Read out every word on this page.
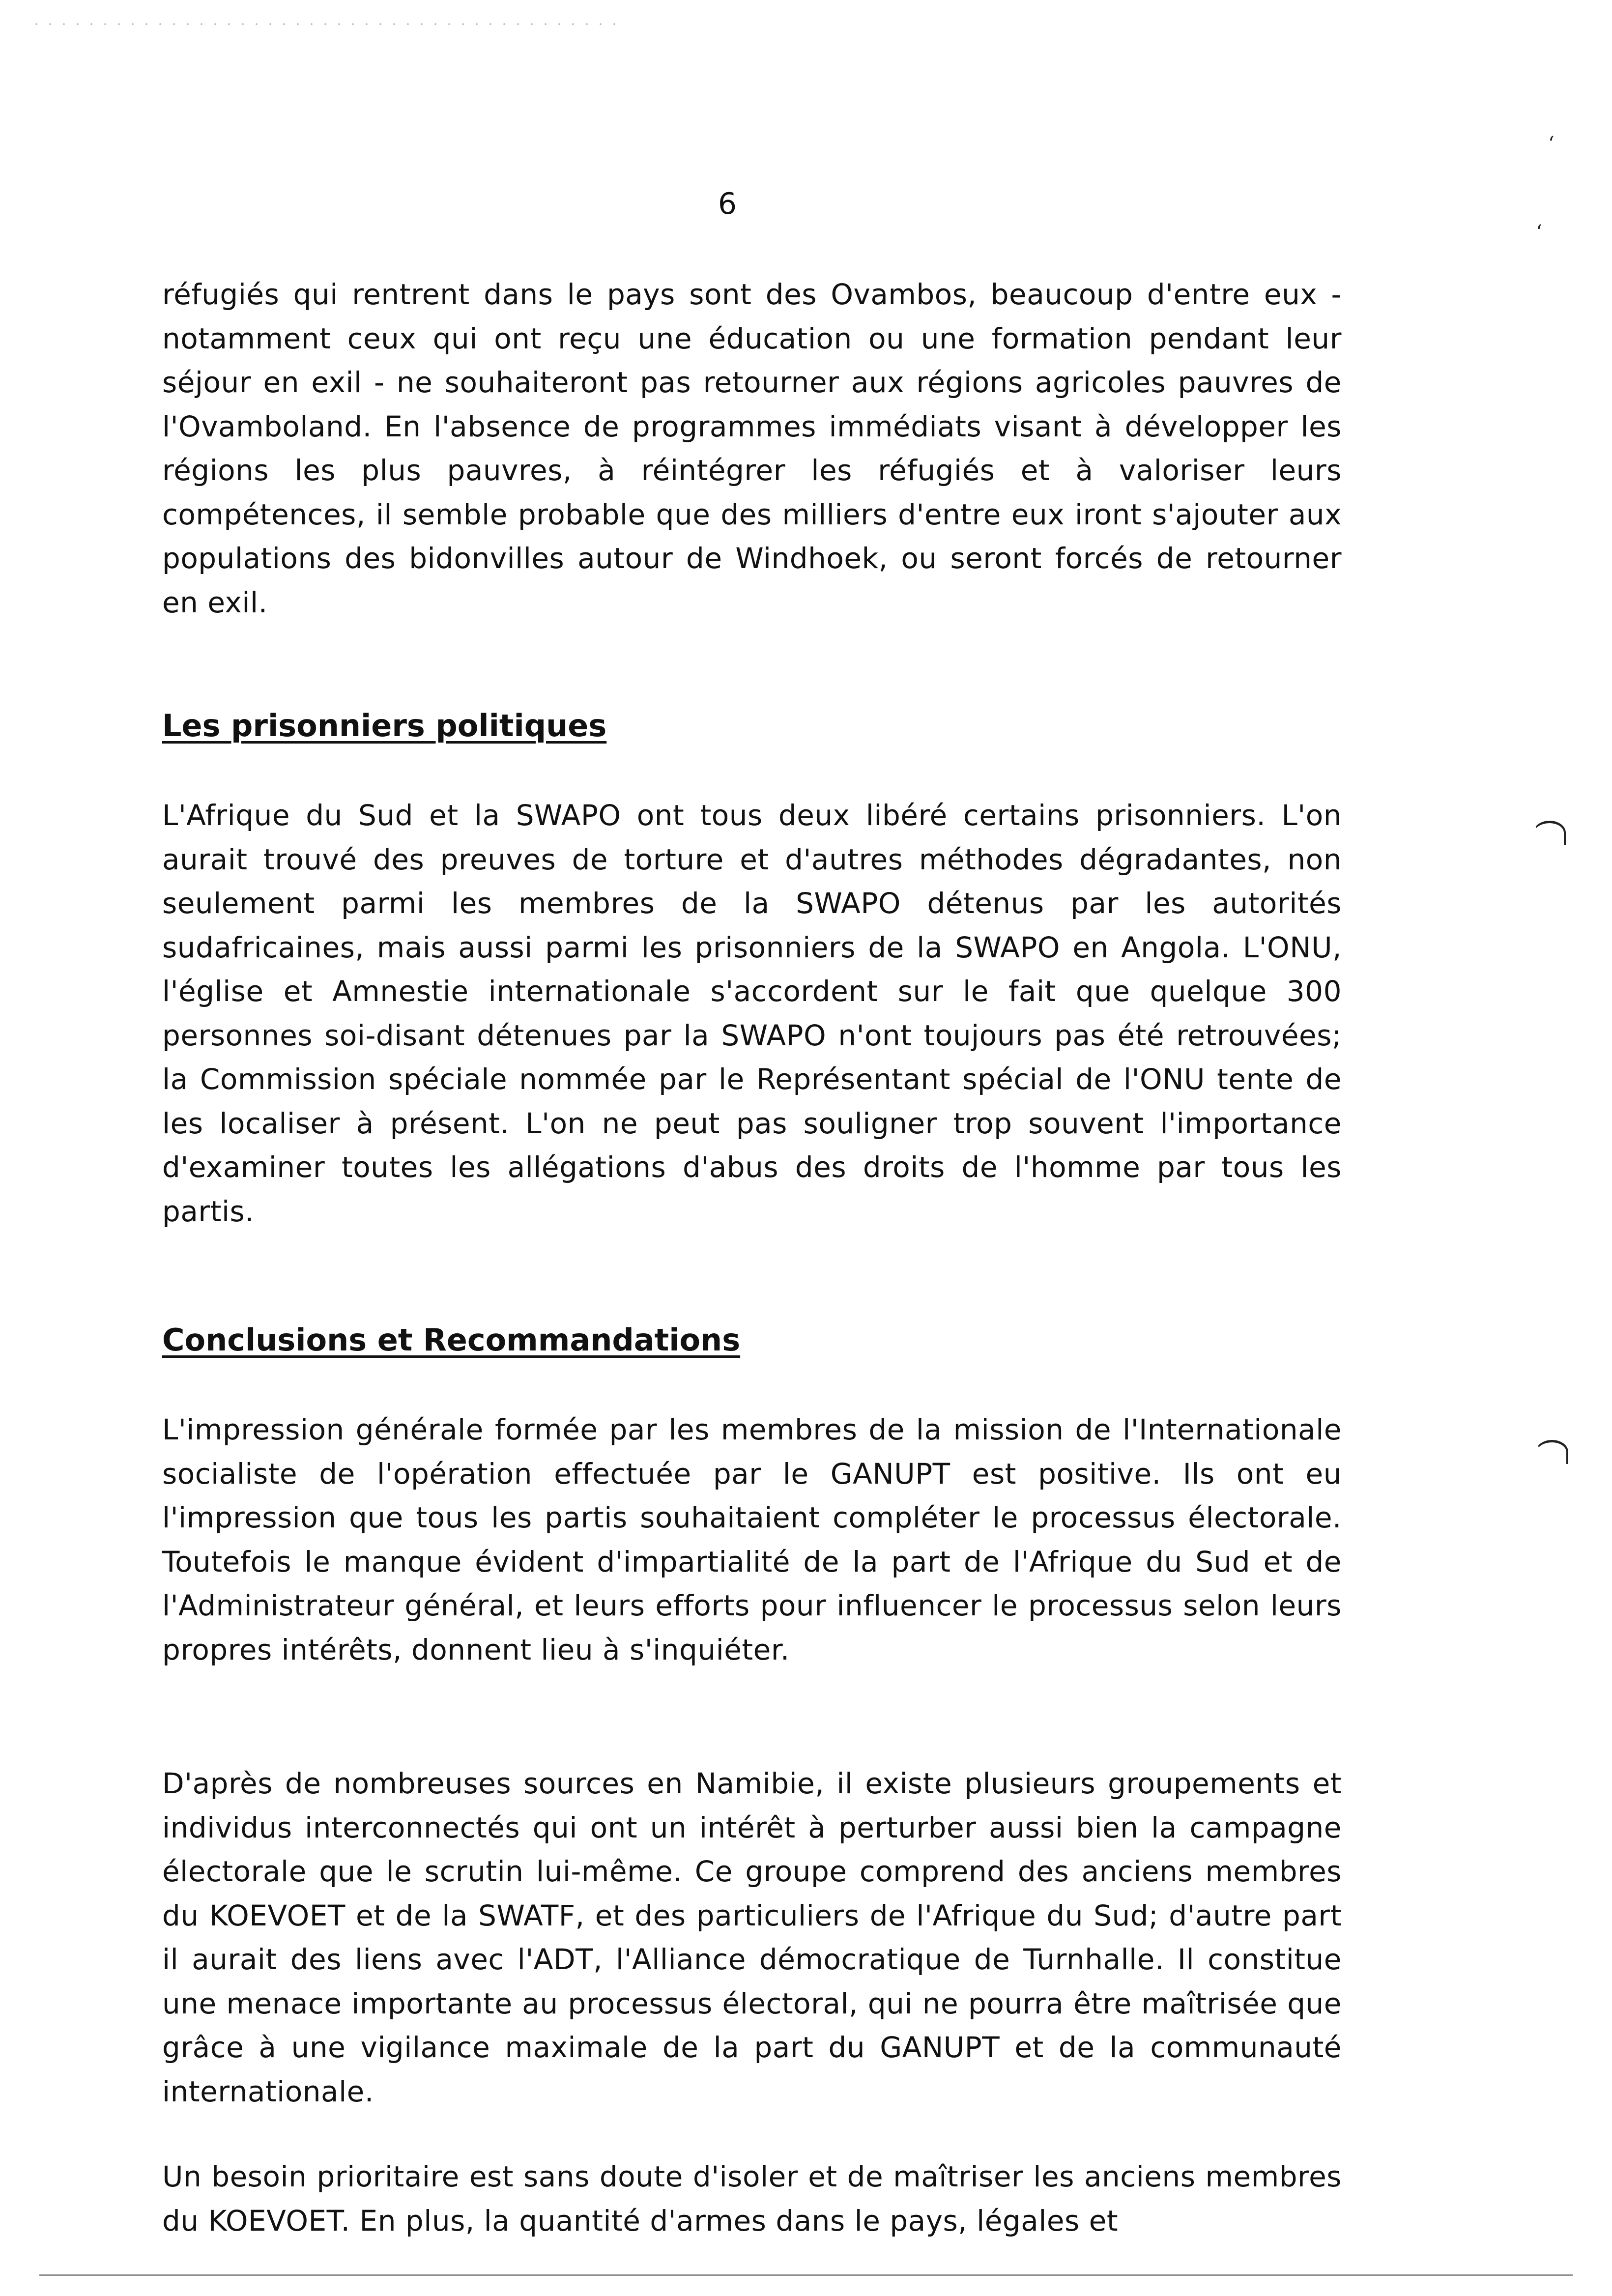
‘
‘
6

réfugiés qui rentrent dans le pays sont des Ovambos, beaucoup d'entre eux - notamment ceux qui ont reçu une éducation ou une formation pendant leur séjour en exil - ne souhaiteront pas retourner aux régions agricoles pauvres de l'Ovamboland. En l'absence de programmes immédiats visant à développer les régions les plus pauvres, à réintégrer les réfugiés et à valoriser leurs compétences, il semble probable que des milliers d'entre eux iront s'ajouter aux populations des bidonvilles autour de Windhoek, ou seront forcés de retourner en exil.

Les prisonniers politiques

L'Afrique du Sud et la SWAPO ont tous deux libéré certains prisonniers. L'on aurait trouvé des preuves de torture et d'autres méthodes dégradantes, non seulement parmi les membres de la SWAPO détenus par les autorités sudafricaines, mais aussi parmi les prisonniers de la SWAPO en Angola. L'ONU, l'église et Amnestie internationale s'accordent sur le fait que quelque 300 personnes soi-disant détenues par la SWAPO n'ont toujours pas été retrouvées; la Commission spéciale nommée par le Représentant spécial de l'ONU tente de les localiser à présent. L'on ne peut pas souligner trop souvent l'importance d'examiner toutes les allégations d'abus des droits de l'homme par tous les partis.

Conclusions et Recommandations

L'impression générale formée par les membres de la mission de l'Internationale socialiste de l'opération effectuée par le GANUPT est positive. Ils ont eu l'impression que tous les partis souhaitaient compléter le processus électorale. Toutefois le manque évident d'impartialité de la part de l'Afrique du Sud et de l'Administrateur général, et leurs efforts pour influencer le processus selon leurs propres intérêts, donnent lieu à s'inquiéter.

D'après de nombreuses sources en Namibie, il existe plusieurs groupements et individus interconnectés qui ont un intérêt à perturber aussi bien la campagne électorale que le scrutin lui-même. Ce groupe comprend des anciens membres du KOEVOET et de la SWATF, et des particuliers de l'Afrique du Sud; d'autre part il aurait des liens avec l'ADT, l'Alliance démocratique de Turnhalle. Il constitue une menace importante au processus électoral, qui ne pourra être maîtrisée que grâce à une vigilance maximale de la part du GANUPT et de la communauté internationale.

Un besoin prioritaire est sans doute d'isoler et de maîtriser les anciens membres du KOEVOET. En plus, la quantité d'armes dans le pays, légales et
